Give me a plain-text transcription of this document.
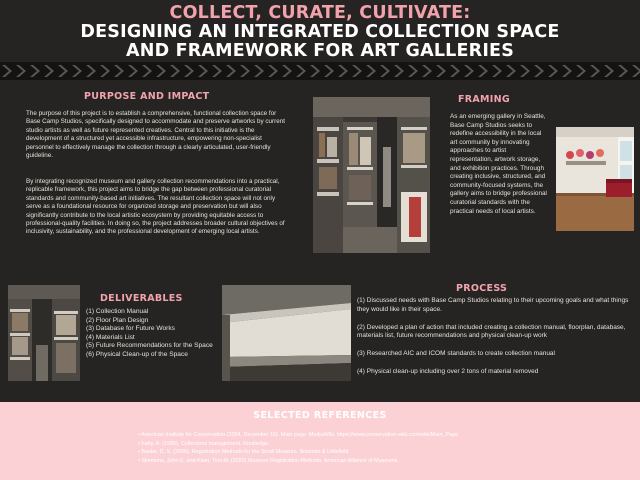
COLLECT, CURATE, CULTIVATE:
DESIGNING AN INTEGRATED COLLECTION SPACE
AND FRAMEWORK FOR ART GALLERIES
PURPOSE AND IMPACT

The purpose of this project is to establish a comprehensive, functional collection space for Base Camp Studios, specifically designed to accommodate and preserve artworks by current studio artists as well as future represented creatives. Central to this initiative is the development of a structured yet accessible infrastructure, empowering non-specialist personnel to effectively manage the collection through a clearly articulated, user-friendly guideline.

By integrating recognized museum and gallery collection recommendations into a practical, replicable framework, this project aims to bridge the gap between professional curatorial standards and community-based art initiatives. The resultant collection space will not only serve as a foundational resource for organized storage and preservation but will also significantly contribute to the local artistic ecosystem by providing equitable access to professional-quality facilities. In doing so, the project addresses broader cultural objectives of inclusivity, sustainability, and the professional development of emerging local artists.

FRAMING

As an emerging gallery in Seattle, Base Camp Studios seeks to redefine accessibility in the local art community by innovating approaches to artist representation, artwork storage, and exhibition practices. Through creating inclusive, structured, and community-focused systems, the gallery aims to bridge professional curatorial standards with the practical needs of local artists.

DELIVERABLES
(1) Collection Manual
(2) Floor Plan Design
(3) Database for Future Works
(4) Materials List
(5) Future Recommendations for the Space
(6) Physical Clean-up of the Space
PROCESS
(1) Discussed needs with Base Camp Studios relating to their upcoming goals and what things they would like in their space.
(2) Developed a plan of action that included creating a collection manual, floorplan, database, materials list, future recommendations and physical clean-up work
(3) Researched AIC and ICOM standards to create collection manual
(4) Physical clean-up including over 2 tons of material removed
SELECTED REFERENCES
• American Institute for Conservation (2024, December 16). Main page. MediaWiki. https://www.conservation-wiki.com/wiki/Main_Page
• Fahy, A. (1995). Collections management. Routledge.
• Basbe, D. S. (2006). Registration Methods for the Small Museum. Bowman & Littlefield.
• Simmons, John E. and Kiser, Toni M. (2020) Museum Registration Methods. American Alliance of Museums.
